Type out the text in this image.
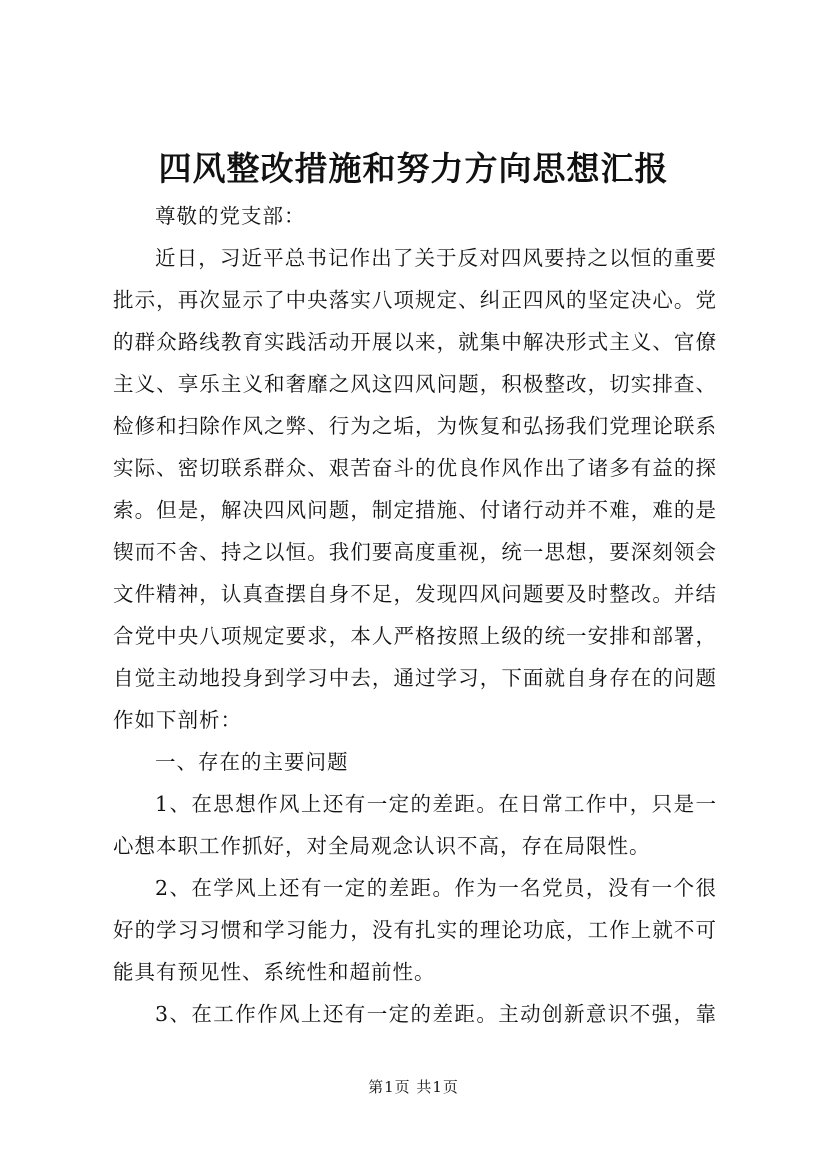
四风整改措施和努力方向思想汇报

尊敬的党支部：

近日，习近平总书记作出了关于反对四风要持之以恒的重要批示，再次显示了中央落实八项规定、纠正四风的坚定决心。党的群众路线教育实践活动开展以来，就集中解决形式主义、官僚主义、享乐主义和奢靡之风这四风问题，积极整改，切实排查、检修和扫除作风之弊、行为之垢，为恢复和弘扬我们党理论联系实际、密切联系群众、艰苦奋斗的优良作风作出了诸多有益的探索。但是，解决四风问题，制定措施、付诸行动并不难，难的是锲而不舍、持之以恒。我们要高度重视，统一思想，要深刻领会文件精神，认真查摆自身不足，发现四风问题要及时整改。并结合党中央八项规定要求，本人严格按照上级的统一安排和部署，自觉主动地投身到学习中去，通过学习，下面就自身存在的问题作如下剖析：

一、存在的主要问题

1、在思想作风上还有一定的差距。在日常工作中，只是一心想本职工作抓好，对全局观念认识不高，存在局限性。

2、在学风上还有一定的差距。作为一名党员，没有一个很好的学习习惯和学习能力，没有扎实的理论功底，工作上就不可能具有预见性、系统性和超前性。

3、在工作作风上还有一定的差距。主动创新意识不强，靠

第1页 共1页
